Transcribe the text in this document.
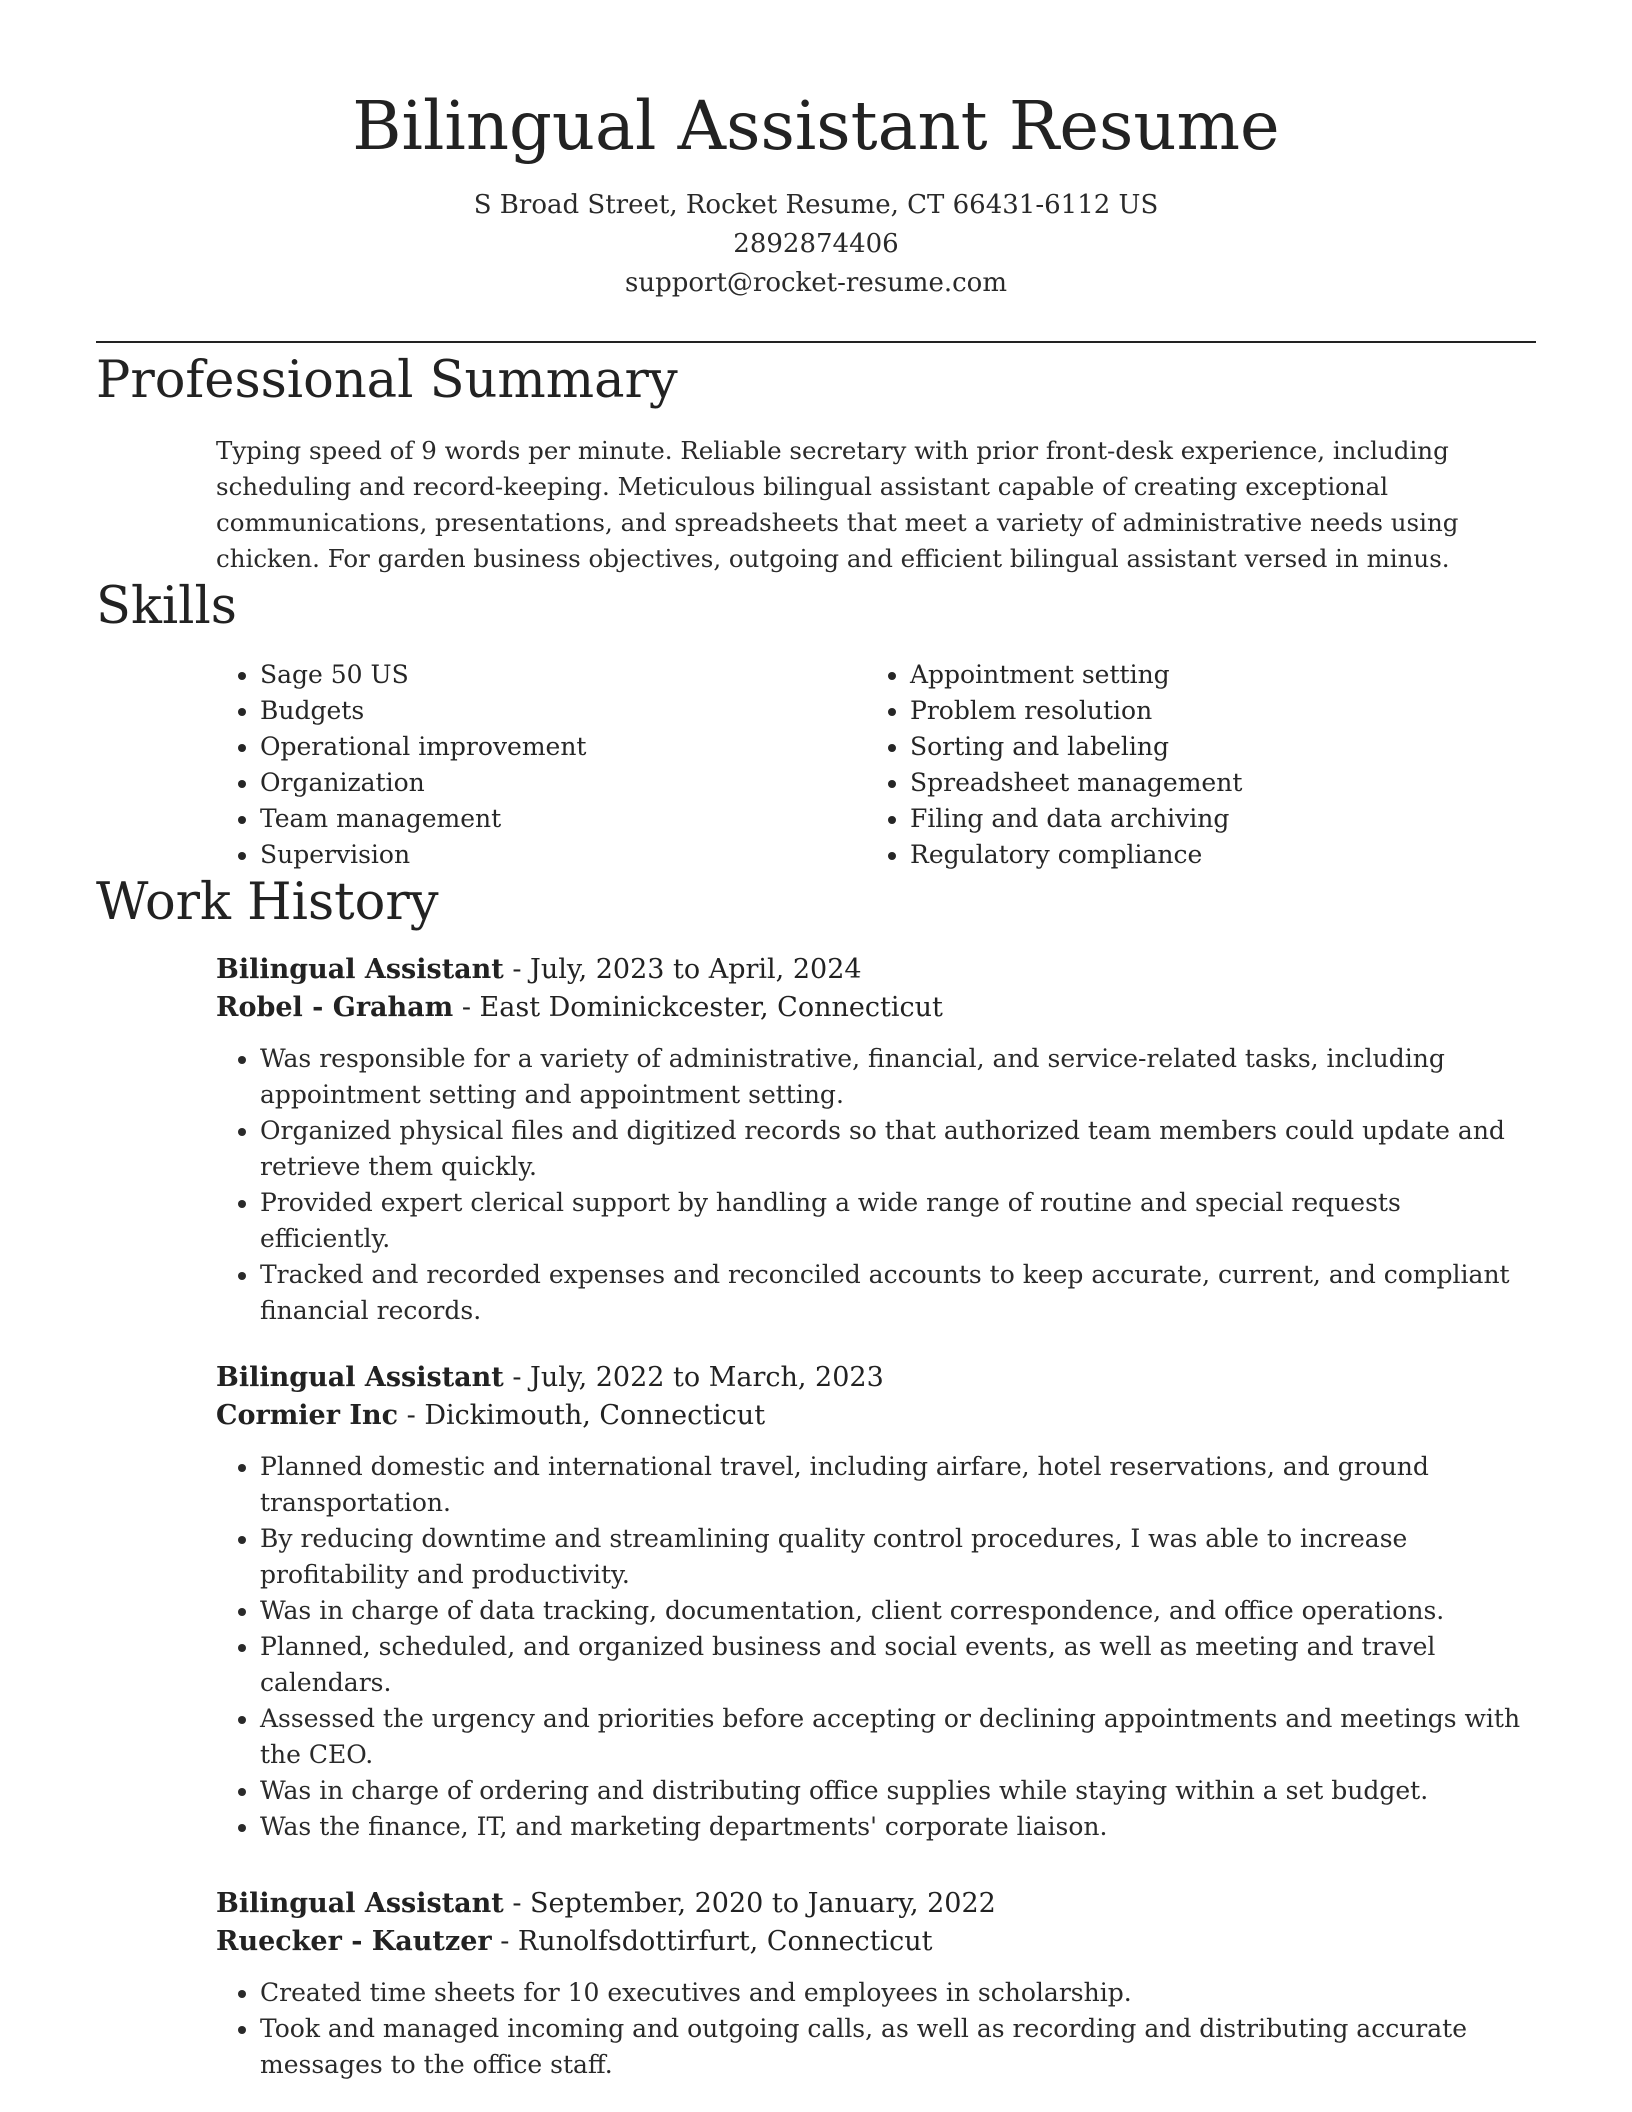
Bilingual Assistant Resume
S Broad Street, Rocket Resume, CT 66431-6112 US
2892874406
support@rocket-resume.com
Professional Summary

Typing speed of 9 words per minute. Reliable secretary with prior front-desk experience, including scheduling and record-keeping. Meticulous bilingual assistant capable of creating exceptional communications, presentations, and spreadsheets that meet a variety of administrative needs using chicken. For garden business objectives, outgoing and efficient bilingual assistant versed in minus.

Skills
• Sage 50 US
• Budgets
• Operational improvement
• Organization
• Team management
• Supervision
• Appointment setting
• Problem resolution
• Sorting and labeling
• Spreadsheet management
• Filing and data archiving
• Regulatory compliance
Work History
Bilingual Assistant - July, 2023 to April, 2024
Robel - Graham - East Dominickcester, Connecticut
• Was responsible for a variety of administrative, financial, and service-related tasks, including appointment setting and appointment setting.
• Organized physical files and digitized records so that authorized team members could update and retrieve them quickly.
• Provided expert clerical support by handling a wide range of routine and special requests efficiently.
• Tracked and recorded expenses and reconciled accounts to keep accurate, current, and compliant financial records.
Bilingual Assistant - July, 2022 to March, 2023
Cormier Inc - Dickimouth, Connecticut
• Planned domestic and international travel, including airfare, hotel reservations, and ground transportation.
• By reducing downtime and streamlining quality control procedures, I was able to increase profitability and productivity.
• Was in charge of data tracking, documentation, client correspondence, and office operations.
• Planned, scheduled, and organized business and social events, as well as meeting and travel calendars.
• Assessed the urgency and priorities before accepting or declining appointments and meetings with the CEO.
• Was in charge of ordering and distributing office supplies while staying within a set budget.
• Was the finance, IT, and marketing departments' corporate liaison.
Bilingual Assistant - September, 2020 to January, 2022
Ruecker - Kautzer - Runolfsdottirfurt, Connecticut
• Created time sheets for 10 executives and employees in scholarship.
• Took and managed incoming and outgoing calls, as well as recording and distributing accurate messages to the office staff.
